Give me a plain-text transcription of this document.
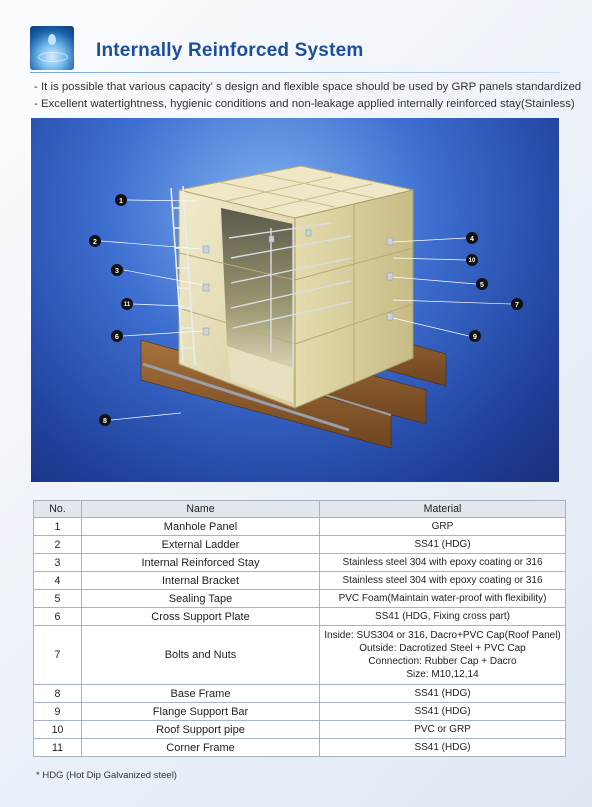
Internally Reinforced System
- It is possible that various capacity' s design and flexible space should be used by GRP panels standardized
- Excellent watertightness, hygienic conditions and non-leakage applied internally reinforced stay(Stainless)
1
2
3
11
6
8
4
10
5
7
9
No.	Name	Material
1	Manhole Panel	GRP
2	External Ladder	SS41 (HDG)
3	Internal Reinforced Stay	Stainless steel 304 with epoxy coating or 316
4	Internal Bracket	Stainless steel 304 with epoxy coating or 316
5	Sealing Tape	PVC Foam(Maintain water-proof with flexibility)
6	Cross Support Plate	SS41 (HDG, Fixing cross part)
7	Bolts and Nuts	Inside: SUS304 or 316, Dacro+PVC Cap(Roof Panel)
Outside: Dacrotized Steel + PVC Cap
Connection: Rubber Cap + Dacro
Size: M10,12,14

8	Base Frame	SS41 (HDG)
9	Flange Support Bar	SS41 (HDG)
10	Roof Support pipe	PVC or GRP
11	Corner Frame	SS41 (HDG)
* HDG (Hot Dip Galvanized steel)
